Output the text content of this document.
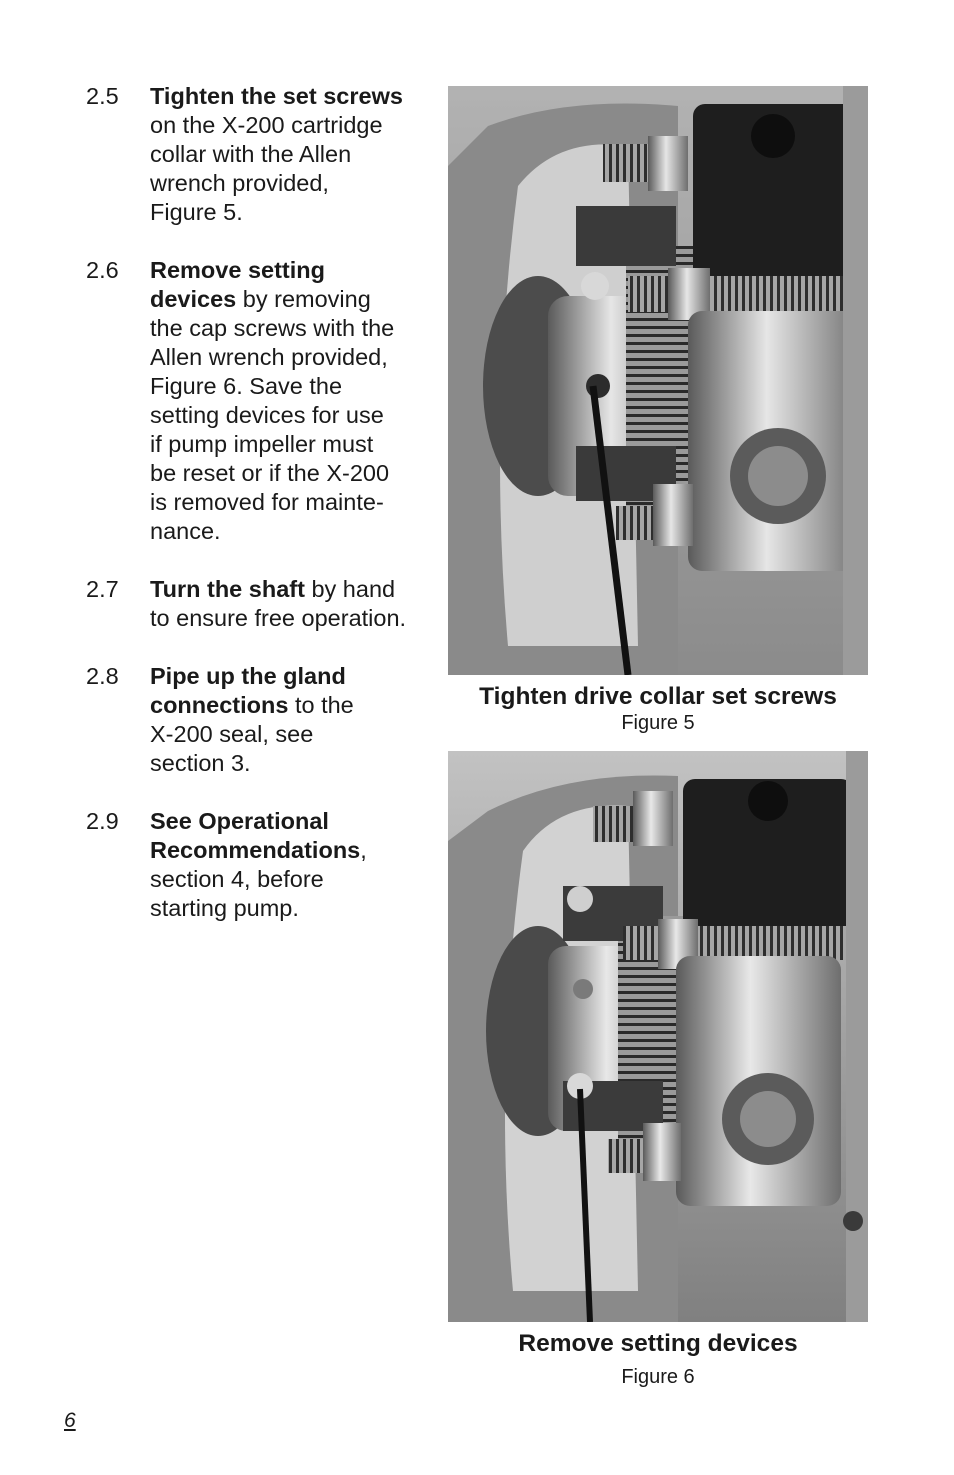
2.5 Tighten the set screws
on the X-200 cartridge
collar with the Allen
wrench provided,
Figure 5.
2.6 Remove setting
devices by removing
the cap screws with the
Allen wrench provided,
Figure 6. Save the
setting devices for use
if pump impeller must
be reset or if the X-200
is removed for mainte-
nance.
2.7 Turn the shaft by hand
to ensure free operation.
2.8 Pipe up the gland
connections to the
X-200 seal, see
section 3.
2.9 See Operational
Recommendations,
section 4, before
starting pump.
Tighten drive collar set screws
Figure 5
Remove setting devices
Figure 6
6
